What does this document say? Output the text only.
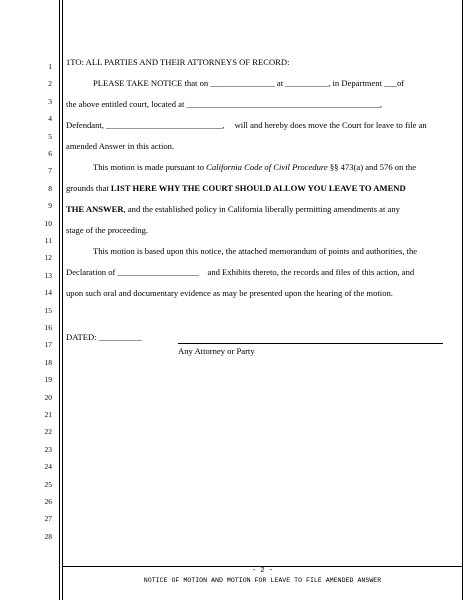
1
2
3
4
5
6
7
8
9
10
11
12
13
14
15
16
17
18
19
20
21
22
23
24
25
26
27
28
1TO: ALL PARTIES AND THEIR ATTORNEYS OF RECORD:
PLEASE TAKE NOTICE that on _______________ at __________, in Department ___of
the above entitled court, located at _____________________________________________,
Defendant, ___________________________, will and hereby does move the Court for leave to file an
amended Answer in this action.
This motion is made pursuant to California Code of Civil Procedure §§ 473(a) and 576 on the
grounds that LIST HERE WHY THE COURT SHOULD ALLOW YOU LEAVE TO AMEND
THE ANSWER, and the established policy in California liberally permitting amendments at any
stage of the proceeding.
This motion is based upon this notice, the attached memorandum of points and authorities, the
Declaration of ___________________ and Exhibits thereto, the records and files of this action, and
upon such oral and documentary evidence as may be presented upon the hearing of the motion.
DATED: __________
Any Attorney or Party
- 2 -
NOTICE OF MOTION AND MOTION FOR LEAVE TO FILE AMENDED ANSWER
